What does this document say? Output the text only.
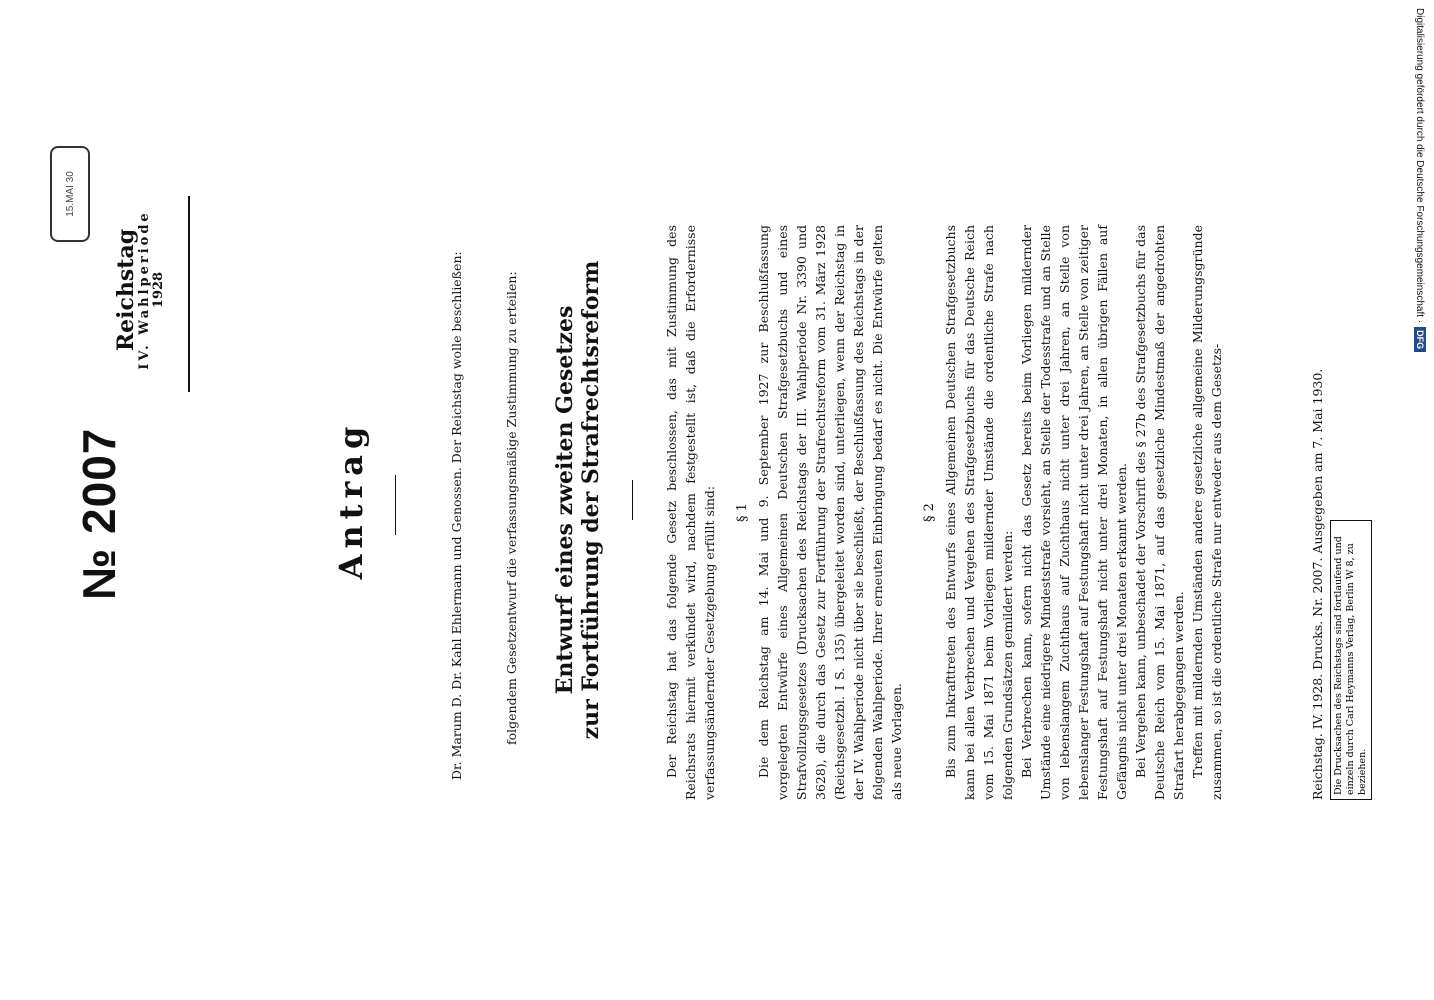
№ 2007
15.MAI 30
Reichstag
IV. Wahlperiode 1928
Antrag	Dr. Marum D. Dr. Kahl Ehlermann und Genossen. Der Reichstag wolle beschließen:	folgendem Gesetzentwurf die verfassungsmäßige Zustimmung zu erteilen: Entwurf eines zweiten Gesetzes zur Fortführung der Strafrechtsreform	Der Reichstag hat das folgende Gesetz beschlossen, das mit Zustimmung des Reichsrats hiermit verkündet wird, nachdem festgestellt ist, daß die Erfordernisse verfassungsändernder Gesetzgebung erfüllt sind: § 1 Die dem Reichstag am 14. Mai und 9. September 1927 zur Beschlußfassung vorgelegten Entwürfe eines Allgemeinen Deutschen Strafgesetzbuchs und eines Strafvollzugsgesetzes (Drucksachen des Reichstags der III. Wahlperiode Nr. 3390 und 3628), die durch das Gesetz zur Fortführung der Strafrechtsreform vom 31. März 1928 (Reichsgesetzbl. I S. 135) übergeleitet worden sind, unterliegen, wenn der Reichstag in der IV. Wahlperiode nicht über sie beschließt, der Beschlußfassung des Reichstags in der folgenden Wahlperiode. Ihrer erneuten Einbringung bedarf es nicht. Die Entwürfe gelten als neue Vorlagen.

§ 2 Bis zum Inkrafttreten des Entwurfs eines Allgemeinen Deutschen Strafgesetzbuchs kann bei allen Verbrechen und Vergehen des Strafgesetzbuchs für das Deutsche Reich vom 15. Mai 1871 beim Vorliegen mildernder Umstände die ordentliche Strafe nach folgenden Grundsätzen gemildert werden: Bei Verbrechen kann, sofern nicht das Gesetz bereits beim Vorliegen mildernder Umstände eine niedrigere Mindeststrafe vorsieht, an Stelle der Todesstrafe und an Stelle von lebenslangem Zuchthaus auf Zuchthaus nicht unter drei Jahren, an Stelle von lebenslanger Festungshaft auf Festungshaft nicht unter drei Jahren, an Stelle von zeitiger Festungshaft auf Festungshaft nicht unter drei Monaten, in allen übrigen Fällen auf Gefängnis nicht unter drei Monaten erkannt werden. Bei Vergehen kann, unbeschadet der Vorschrift des § 27b des Strafgesetzbuchs für das Deutsche Reich vom 15. Mai 1871, auf das gesetzliche Mindestmaß der angedrohten Strafart herabgegangen werden. Treffen mit mildernden Umständen andere gesetzliche allgemeine Milderungsgründe zusammen, so ist die ordentliche Strafe nur entweder aus dem Gesetzs-	Reichstag. IV. 1928. Drucks. Nr. 2007. Ausgegeben am 7. Mai 1930. Die Drucksachen des Reichstags sind fortlaufend und einzeln durch Carl Heymanns Verlag, Berlin W 8, zu beziehen.
Digitalisierung gefördert durch die Deutsche Forschungsgemeinschaft ·
DFG
